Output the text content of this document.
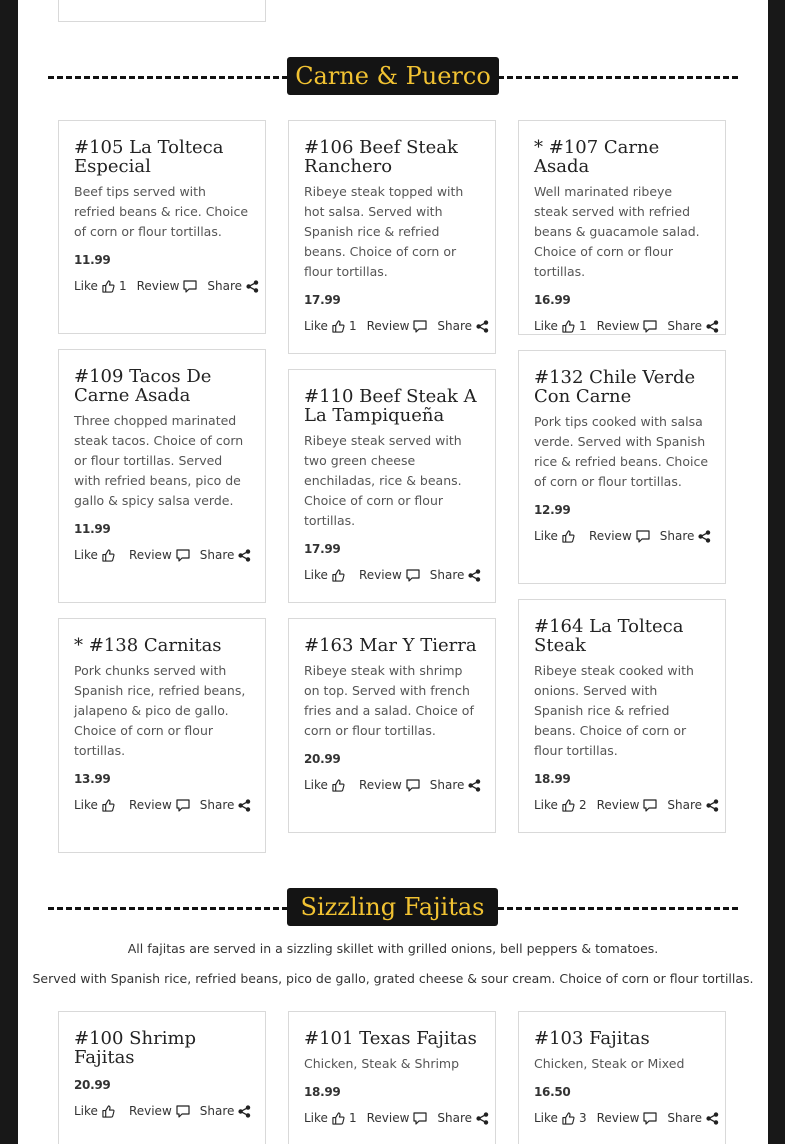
Carne & Puerco
#105 La Tolteca Especial
Beef tips served with refried beans & rice. Choice of corn or flour tortillas.
11.99
Like 1 Review Share
#106 Beef Steak Ranchero
Ribeye steak topped with hot salsa. Served with Spanish rice & refried beans. Choice of corn or flour tortillas.
17.99
Like 1 Review Share
* #107 Carne Asada
Well marinated ribeye steak served with refried beans & guacamole salad. Choice of corn or flour tortillas.
16.99
Like 1 Review Share
#109 Tacos De Carne Asada
Three chopped marinated steak tacos. Choice of corn or flour tortillas. Served with refried beans, pico de gallo & spicy salsa verde.
11.99
Like	Review Share
#110 Beef Steak A La Tampiqueña
Ribeye steak served with two green cheese enchiladas, rice & beans. Choice of corn or flour tortillas.
17.99
Like	Review Share
#132 Chile Verde Con Carne
Pork tips cooked with salsa verde. Served with Spanish rice & refried beans. Choice of corn or flour tortillas.
12.99
Like	Review Share
* #138 Carnitas
Pork chunks served with Spanish rice, refried beans, jalapeno & pico de gallo. Choice of corn or flour tortillas.
13.99
Like	Review Share
#163 Mar Y Tierra
Ribeye steak with shrimp on top. Served with french fries and a salad. Choice of corn or flour tortillas.
20.99
Like	Review Share
#164 La Tolteca Steak
Ribeye steak cooked with onions. Served with Spanish rice & refried beans. Choice of corn or flour tortillas.
18.99
Like 2 Review Share
Sizzling Fajitas
All fajitas are served in a sizzling skillet with grilled onions, bell peppers & tomatoes.
Served with Spanish rice, refried beans, pico de gallo, grated cheese & sour cream. Choice of corn or flour tortillas.
#100 Shrimp Fajitas
20.99
Like	Review Share
#101 Texas Fajitas
Chicken, Steak & Shrimp
18.99
Like 1 Review Share
#103 Fajitas
Chicken, Steak or Mixed
16.50
Like 3 Review Share
